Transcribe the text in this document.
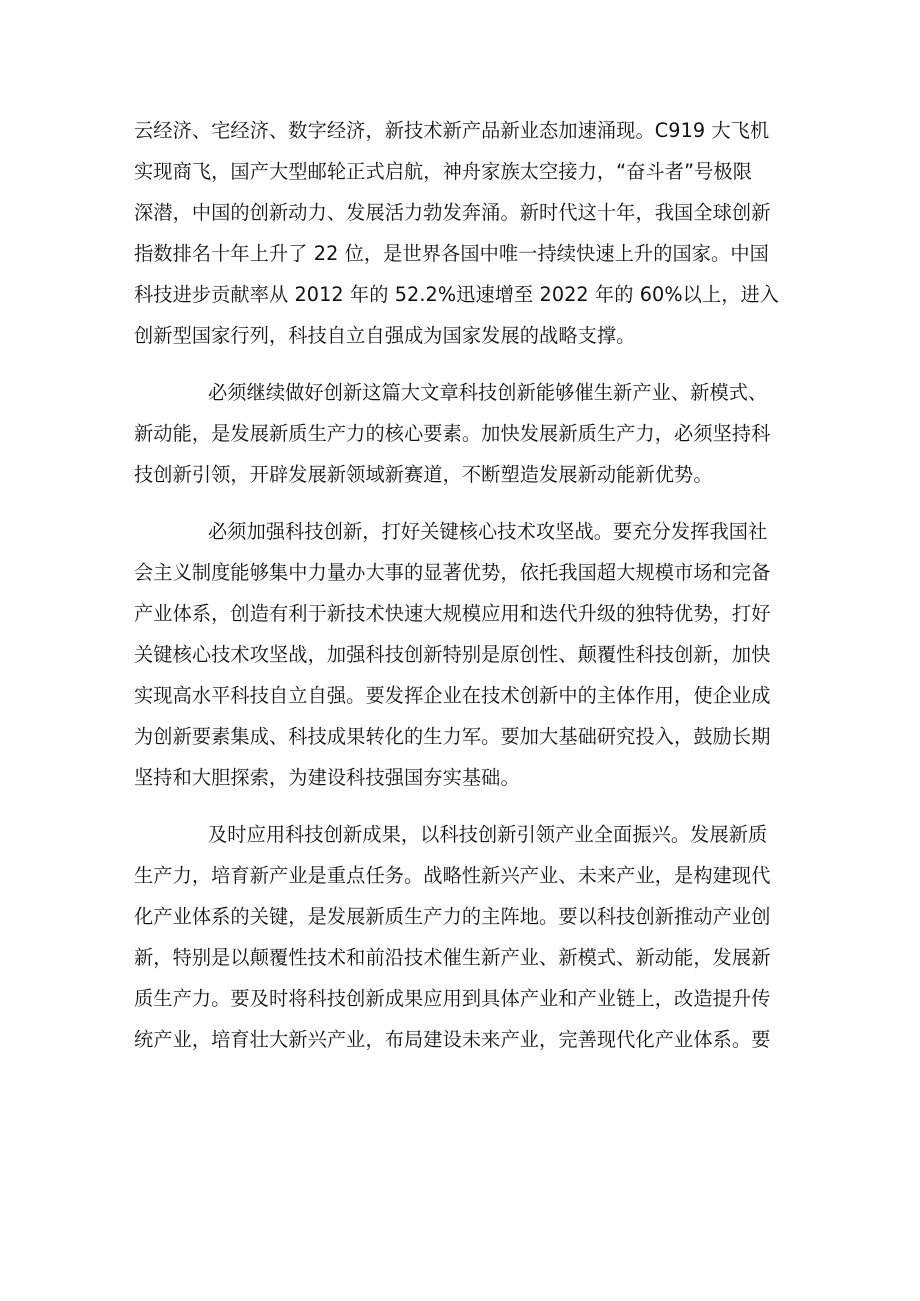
云经济、宅经济、数字经济，新技术新产品新业态加速涌现。C919 大飞机
实现商飞，国产大型邮轮正式启航，神舟家族太空接力，“奋斗者”号极限
深潜，中国的创新动力、发展活力勃发奔涌。新时代这十年，我国全球创新
指数排名十年上升了 22 位，是世界各国中唯一持续快速上升的国家。中国
科技进步贡献率从 2012 年的 52.2%迅速增至 2022 年的 60%以上，进入
创新型国家行列，科技自立自强成为国家发展的战略支撑。
必须继续做好创新这篇大文章科技创新能够催生新产业、新模式、
新动能，是发展新质生产力的核心要素。加快发展新质生产力，必须坚持科
技创新引领，开辟发展新领域新赛道，不断塑造发展新动能新优势。
必须加强科技创新，打好关键核心技术攻坚战。要充分发挥我国社
会主义制度能够集中力量办大事的显著优势，依托我国超大规模市场和完备
产业体系，创造有利于新技术快速大规模应用和迭代升级的独特优势，打好
关键核心技术攻坚战，加强科技创新特别是原创性、颠覆性科技创新，加快
实现高水平科技自立自强。要发挥企业在技术创新中的主体作用，使企业成
为创新要素集成、科技成果转化的生力军。要加大基础研究投入，鼓励长期
坚持和大胆探索，为建设科技强国夯实基础。
及时应用科技创新成果，以科技创新引领产业全面振兴。发展新质
生产力，培育新产业是重点任务。战略性新兴产业、未来产业，是构建现代
化产业体系的关键，是发展新质生产力的主阵地。要以科技创新推动产业创
新，特别是以颠覆性技术和前沿技术催生新产业、新模式、新动能，发展新
质生产力。要及时将科技创新成果应用到具体产业和产业链上，改造提升传
统产业，培育壮大新兴产业，布局建设未来产业，完善现代化产业体系。要
